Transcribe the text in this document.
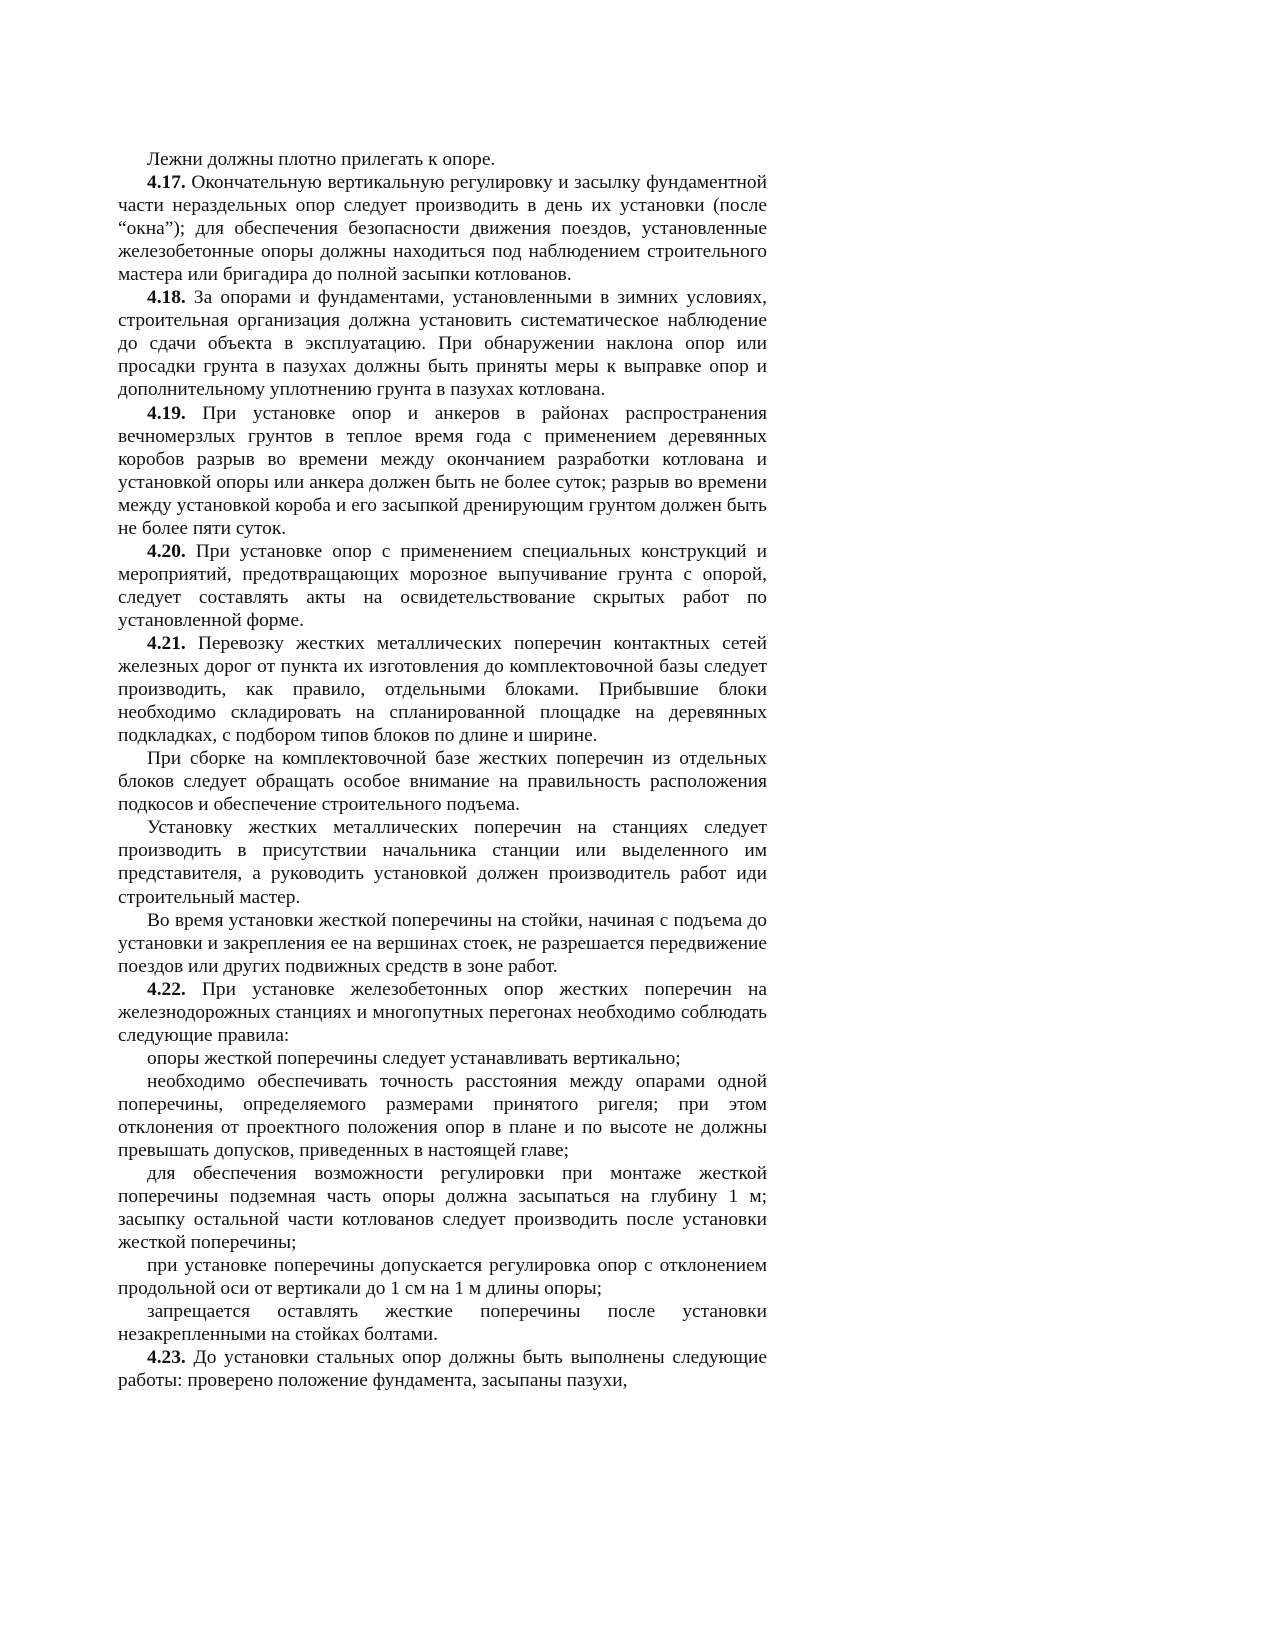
Лежни должны плотно прилегать к опоре.

4.17. Окончательную вертикальную регулировку и засылку фундаментной части нераздельных опор следует производить в день их установки (после “окна”); для обеспечения безопасности движения поездов, установленные железобетонные опоры должны находиться под наблюдением строительного мастера или бригадира до полной засыпки котлованов.

4.18. За опорами и фундаментами, установленными в зимних условиях, строительная организация должна установить систематическое наблюдение до сдачи объекта в эксплуатацию. При обнаружении наклона опор или просадки грунта в пазухах должны быть приняты меры к выправке опор и дополнительному уплотнению грунта в пазухах котлована.

4.19. При установке опор и анкеров в районах распространения вечномерзлых грунтов в теплое время года с применением деревянных коробов разрыв во времени между окончанием разработки котлована и установкой опоры или анкера должен быть не более суток; разрыв во времени между установкой короба и его засыпкой дренирующим грунтом должен быть не более пяти суток.

4.20. При установке опор с применением специальных конструкций и мероприятий, предотвращающих морозное выпучивание грунта с опорой, следует составлять акты на освидетельствование скрытых работ по установленной форме.

4.21. Перевозку жестких металлических поперечин контактных сетей железных дорог от пункта их изготовления до комплектовочной базы следует производить, как правило, отдельными блоками. Прибывшие блоки необходимо складировать на спланированной площадке на деревянных подкладках, с подбором типов блоков по длине и ширине.

При сборке на комплектовочной базе жестких поперечин из отдельных блоков следует обращать особое внимание на правильность расположения подкосов и обеспечение строительного подъема.

Установку жестких металлических поперечин на станциях следует производить в присутствии начальника станции или выделенного им представителя, а руководить установкой должен производитель работ иди строительный мастер.

Во время установки жесткой поперечины на стойки, начиная с подъема до установки и закрепления ее на вершинах стоек, не разрешается передвижение поездов или других подвижных средств в зоне работ.

4.22. При установке железобетонных опор жестких поперечин на железнодорожных станциях и многопутных перегонах необходимо соблюдать следующие правила:

опоры жесткой поперечины следует устанавливать вертикально;

необходимо обеспечивать точность расстояния между опарами одной поперечины, определяемого размерами принятого ригеля; при этом отклонения от проектного положения опор в плане и по высоте не должны превышать допусков, приведенных в настоящей главе;

для обеспечения возможности регулировки при монтаже жесткой поперечины подземная часть опоры должна засыпаться на глубину 1 м; засыпку остальной части котлованов следует производить после установки жесткой поперечины;

при установке поперечины допускается регулировка опор с отклонением продольной оси от вертикали до 1 см на 1 м длины опоры;

запрещается оставлять жесткие поперечины после установки незакрепленными на стойках болтами.

4.23. До установки стальных опор должны быть выполнены следующие работы: проверено положение фундамента, засыпаны пазухи,
